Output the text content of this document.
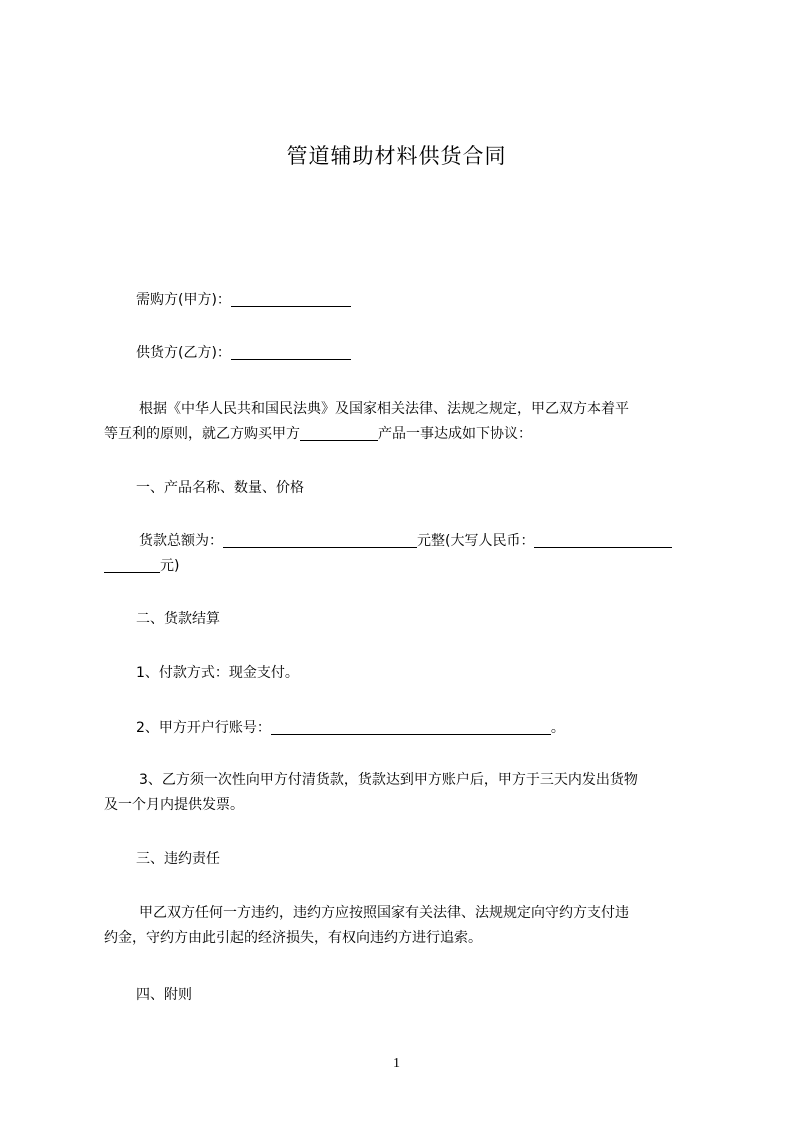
管道辅助材料供货合同
需购方(甲方)：
供货方(乙方)：
根据《中华人民共和国民法典》及国家相关法律、法规之规定，甲乙双方本着平
等互利的原则，就乙方购买甲方	产品一事达成如下协议：
一、产品名称、数量、价格
货款总额为：	元整(大写人民币：
元)
二、货款结算
1、付款方式：现金支付。
2、甲方开户行账号：	。
3、乙方须一次性向甲方付清货款，货款达到甲方账户后，甲方于三天内发出货物
及一个月内提供发票。
三、违约责任
甲乙双方任何一方违约，违约方应按照国家有关法律、法规规定向守约方支付违
约金，守约方由此引起的经济损失，有权向违约方进行追索。
四、附则
1
